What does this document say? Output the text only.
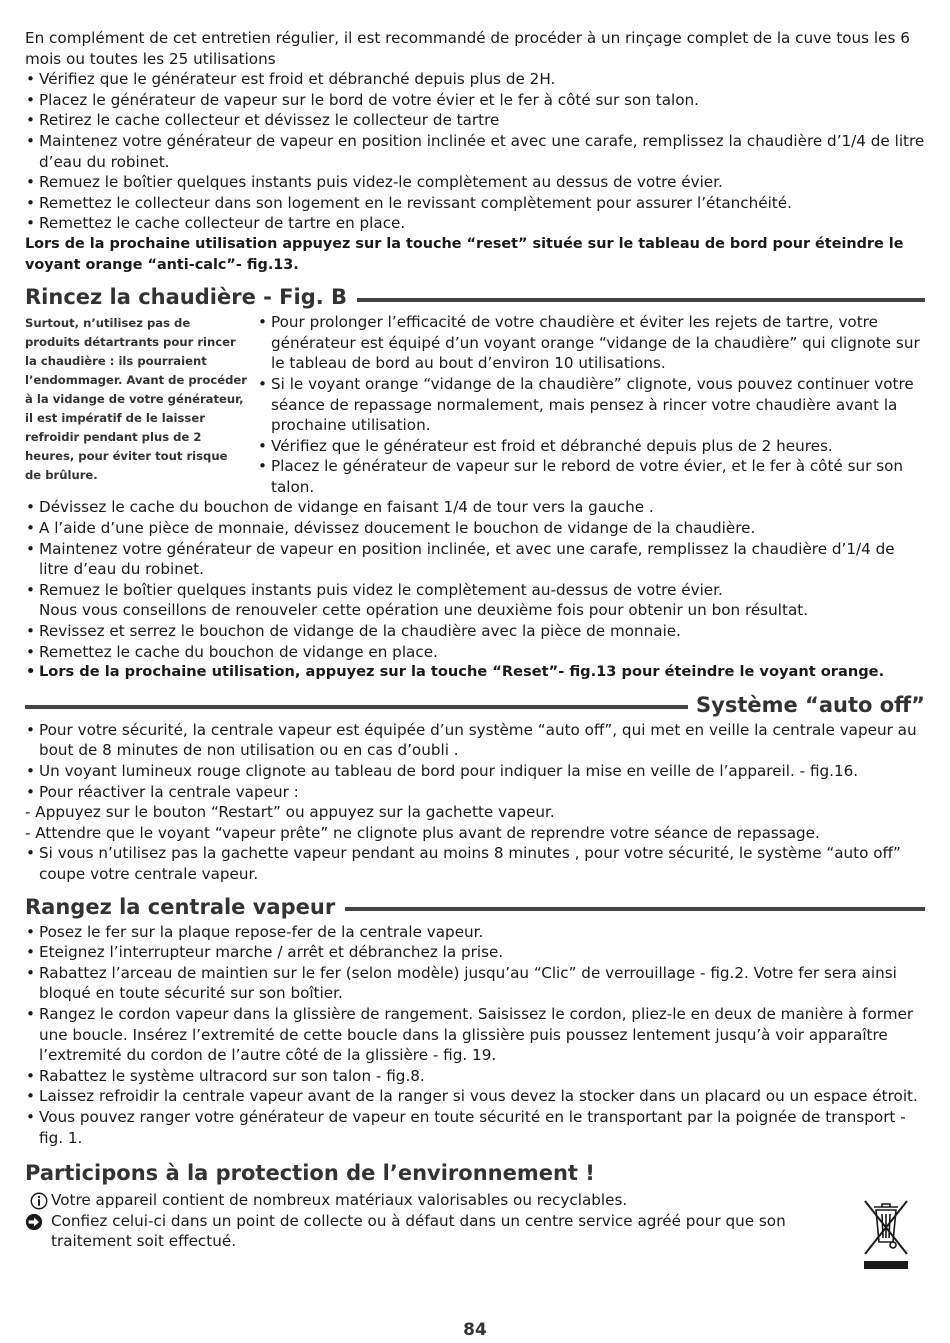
En complément de cet entretien régulier, il est recommandé de procéder à un rinçage complet de la cuve tous les 6 mois ou toutes les 25 utilisations

• Vérifiez que le générateur est froid et débranché depuis plus de 2H.
• Placez le générateur de vapeur sur le bord de votre évier et le fer à côté sur son talon.
• Retirez le cache collecteur et dévissez le collecteur de tartre
• Maintenez votre générateur de vapeur en position inclinée et avec une carafe, remplissez la chaudière d’1/4 de litre d’eau du robinet.
• Remuez le boîtier quelques instants puis videz-le complètement au dessus de votre évier.
• Remettez le collecteur dans son logement en le revissant complètement pour assurer l’étanchéité.
• Remettez le cache collecteur de tartre en place.

Lors de la prochaine utilisation appuyez sur la touche “reset” située sur le tableau de bord pour éteindre le voyant orange “anti-calc”- fig.13.

Rincez la chaudière - Fig. B
Surtout, n’utilisez pas de produits détartrants pour rincer la chaudière : ils pourraient l’endommager. Avant de procéder à la vidange de votre générateur, il est impératif de le laisser refroidir pendant plus de 2 heures, pour éviter tout risque de brûlure.
• Pour prolonger l’efficacité de votre chaudière et éviter les rejets de tartre, votre générateur est équipé d’un voyant orange “vidange de la chaudière” qui clignote sur le tableau de bord au bout d’environ 10 utilisations.
• Si le voyant orange “vidange de la chaudière” clignote, vous pouvez continuer votre séance de repassage normalement, mais pensez à rincer votre chaudière avant la prochaine utilisation.
• Vérifiez que le générateur est froid et débranché depuis plus de 2 heures.
• Placez le générateur de vapeur sur le rebord de votre évier, et le fer à côté sur son talon.
• Dévissez le cache du bouchon de vidange en faisant 1/4 de tour vers la gauche .
• A l’aide d’une pièce de monnaie, dévissez doucement le bouchon de vidange de la chaudière.
• Maintenez votre générateur de vapeur en position inclinée, et avec une carafe, remplissez la chaudière d’1/4 de litre d’eau du robinet.
• Remuez le boîtier quelques instants puis videz le complètement au-dessus de votre évier.
Nous vous conseillons de renouveler cette opération une deuxième fois pour obtenir un bon résultat.
• Revissez et serrez le bouchon de vidange de la chaudière avec la pièce de monnaie.
• Remettez le cache du bouchon de vidange en place.
• Lors de la prochaine utilisation, appuyez sur la touche “Reset”- fig.13 pour éteindre le voyant orange.
Système “auto off”
• Pour votre sécurité, la centrale vapeur est équipée d’un système “auto off”, qui met en veille la centrale vapeur au bout de 8 minutes de non utilisation ou en cas d’oubli .
• Un voyant lumineux rouge clignote au tableau de bord pour indiquer la mise en veille de l’appareil. - fig.16.
• Pour réactiver la centrale vapeur :
- Appuyez sur le bouton “Restart” ou appuyez sur la gachette vapeur.
- Attendre que le voyant “vapeur prête” ne clignote plus avant de reprendre votre séance de repassage.
• Si vous n’utilisez pas la gachette vapeur pendant au moins 8 minutes , pour votre sécurité, le système “auto off” coupe votre centrale vapeur.
Rangez la centrale vapeur
• Posez le fer sur la plaque repose-fer de la centrale vapeur.
• Eteignez l’interrupteur marche / arrêt et débranchez la prise.
• Rabattez l’arceau de maintien sur le fer (selon modèle) jusqu’au “Clic” de verrouillage - fig.2. Votre fer sera ainsi bloqué en toute sécurité sur son boîtier.
• Rangez le cordon vapeur dans la glissière de rangement. Saisissez le cordon, pliez-le en deux de manière à former une boucle. Insérez l’extremité de cette boucle dans la glissière puis poussez lentement jusqu’à voir apparaître l’extremité du cordon de l’autre côté de la glissière - fig. 19.
• Rabattez le système ultracord sur son talon - fig.8.
• Laissez refroidir la centrale vapeur avant de la ranger si vous devez la stocker dans un placard ou un espace étroit.
• Vous pouvez ranger votre générateur de vapeur en toute sécurité en le transportant par la poignée de transport - fig. 1.
Participons à la protection de l’environnement !

Votre appareil contient de nombreux matériaux valorisables ou recyclables.

Confiez celui-ci dans un point de collecte ou à défaut dans un centre service agréé pour que son traitement soit effectué.

84
